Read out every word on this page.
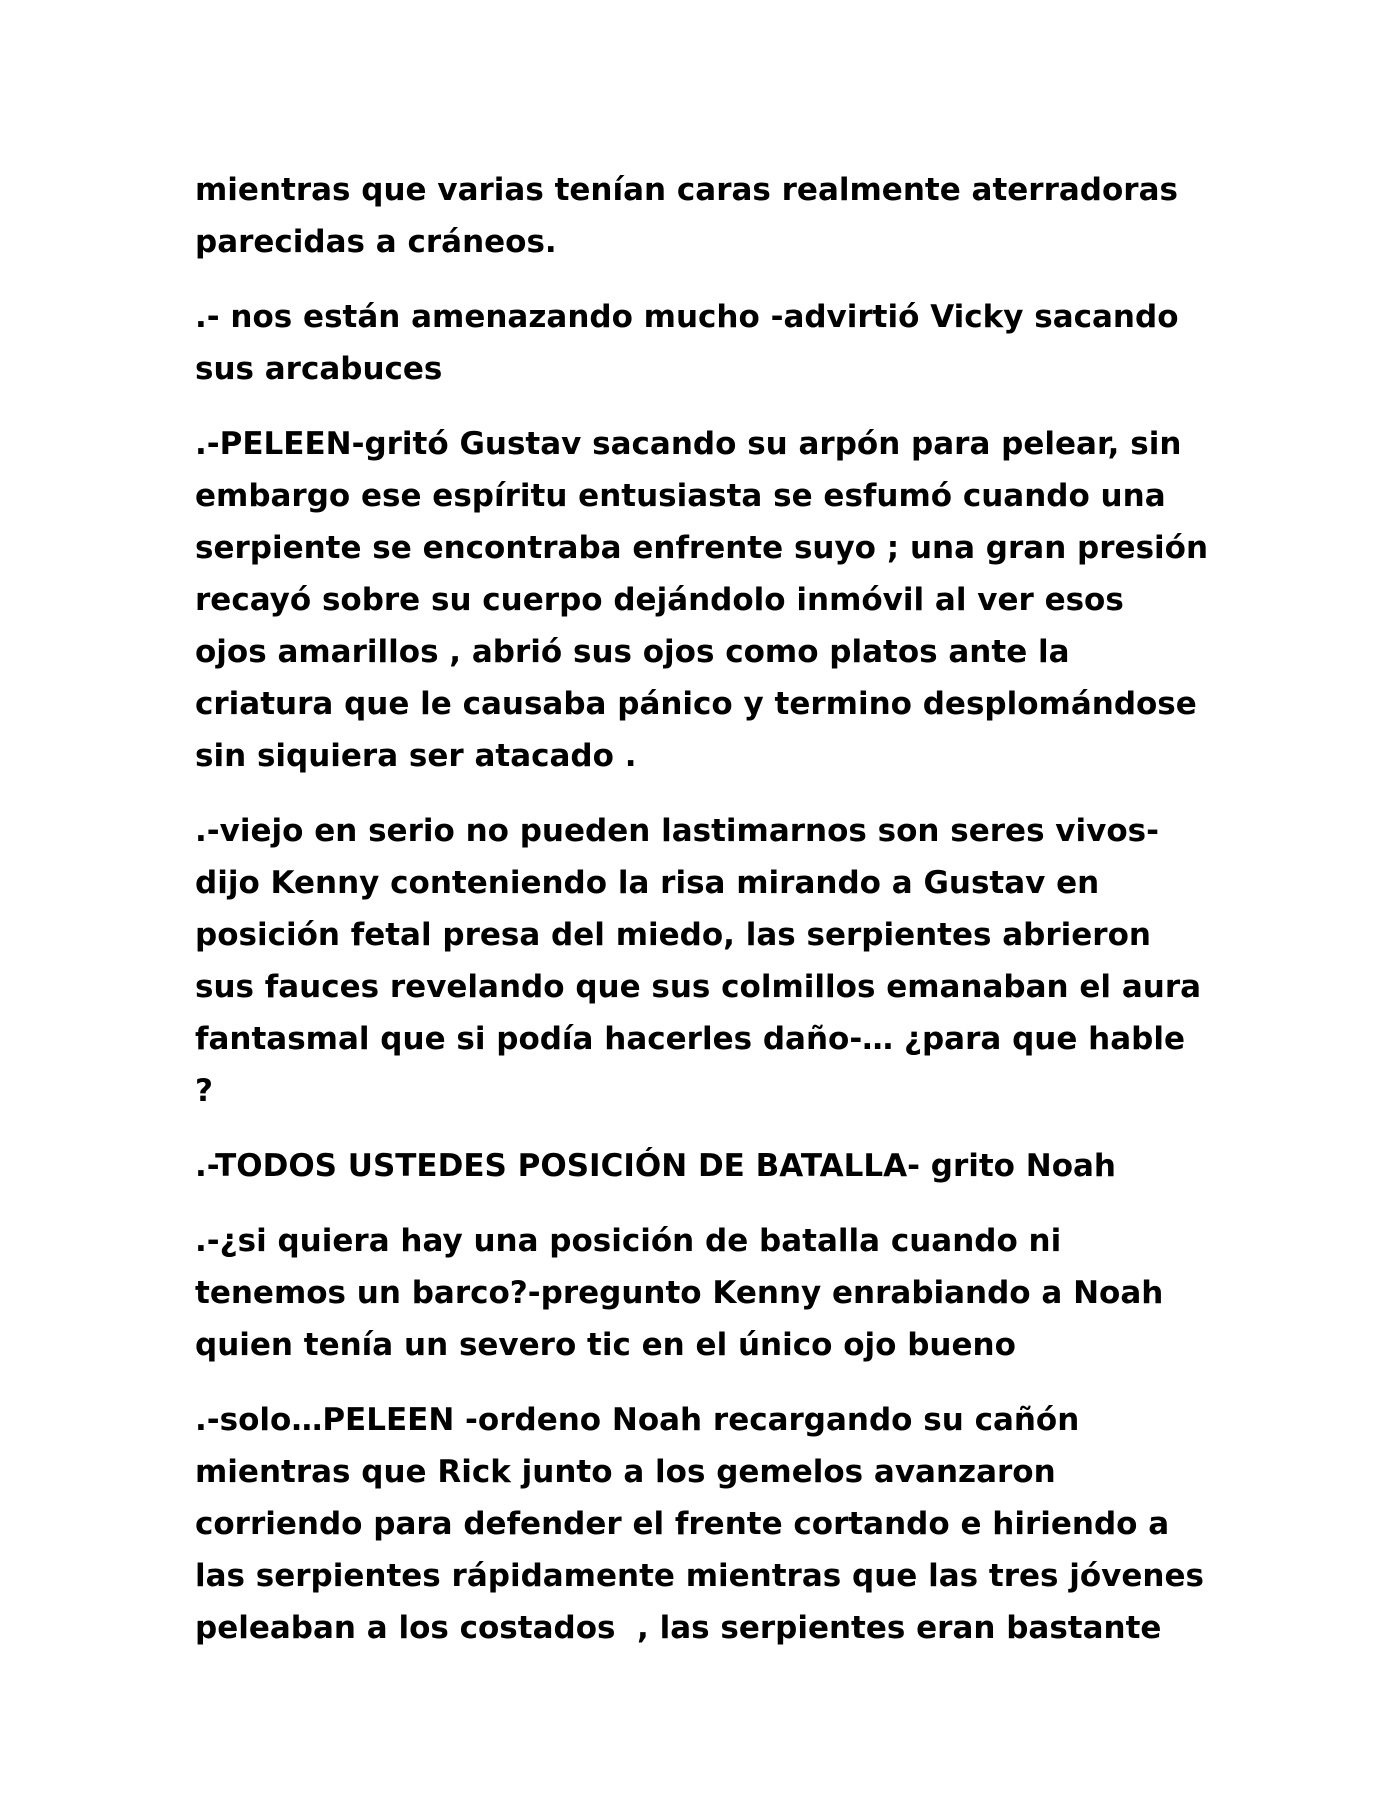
mientras que varias tenían caras realmente aterradoras
parecidas a cráneos.

.- nos están amenazando mucho -advirtió Vicky sacando
sus arcabuces

.-PELEEN-gritó Gustav sacando su arpón para pelear, sin
embargo ese espíritu entusiasta se esfumó cuando una
serpiente se encontraba enfrente suyo ; una gran presión
recayó sobre su cuerpo dejándolo inmóvil al ver esos
ojos amarillos , abrió sus ojos como platos ante la
criatura que le causaba pánico y termino desplomándose
sin siquiera ser atacado .

.-viejo en serio no pueden lastimarnos son seres vivos-
dijo Kenny conteniendo la risa mirando a Gustav en
posición fetal presa del miedo, las serpientes abrieron
sus fauces revelando que sus colmillos emanaban el aura
fantasmal que si podía hacerles daño-… ¿para que hable
?

.-TODOS USTEDES POSICIÓN DE BATALLA- grito Noah

.-¿si quiera hay una posición de batalla cuando ni
tenemos un barco?-pregunto Kenny enrabiando a Noah
quien tenía un severo tic en el único ojo bueno

.-solo…PELEEN -ordeno Noah recargando su cañón
mientras que Rick junto a los gemelos avanzaron
corriendo para defender el frente cortando e hiriendo a
las serpientes rápidamente mientras que las tres jóvenes
peleaban a los costados  , las serpientes eran bastante
